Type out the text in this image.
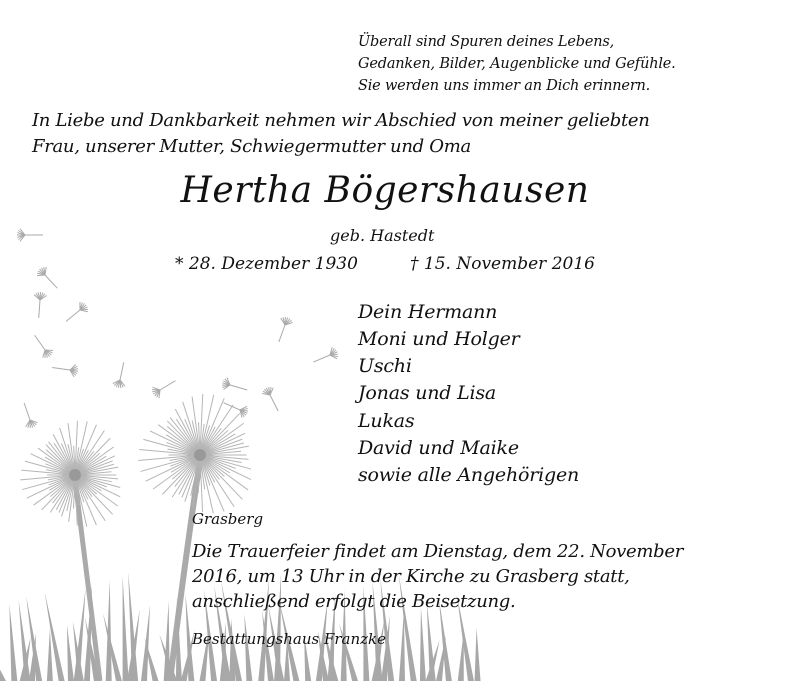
Überall sind Spuren deines Lebens,

Gedanken, Bilder, Augenblicke und Gefühle.

Sie werden uns immer an Dich erinnern.

In Liebe und Dankbarkeit nehmen wir Abschied von meiner geliebten

Frau, unserer Mutter, Schwiegermutter und Oma

Hertha Bögershausen

geb. Hastedt

* 28. Dezember 1930	† 15. November 2016

Dein Hermann

Moni und Holger

Uschi

Jonas und Lisa

Lukas

David und Maike

sowie alle Angehörigen

Grasberg

Die Trauerfeier findet am Dienstag, dem 22. November

2016, um 13 Uhr in der Kirche zu Grasberg statt,

anschließend erfolgt die Beisetzung.

Bestattungshaus Franzke
